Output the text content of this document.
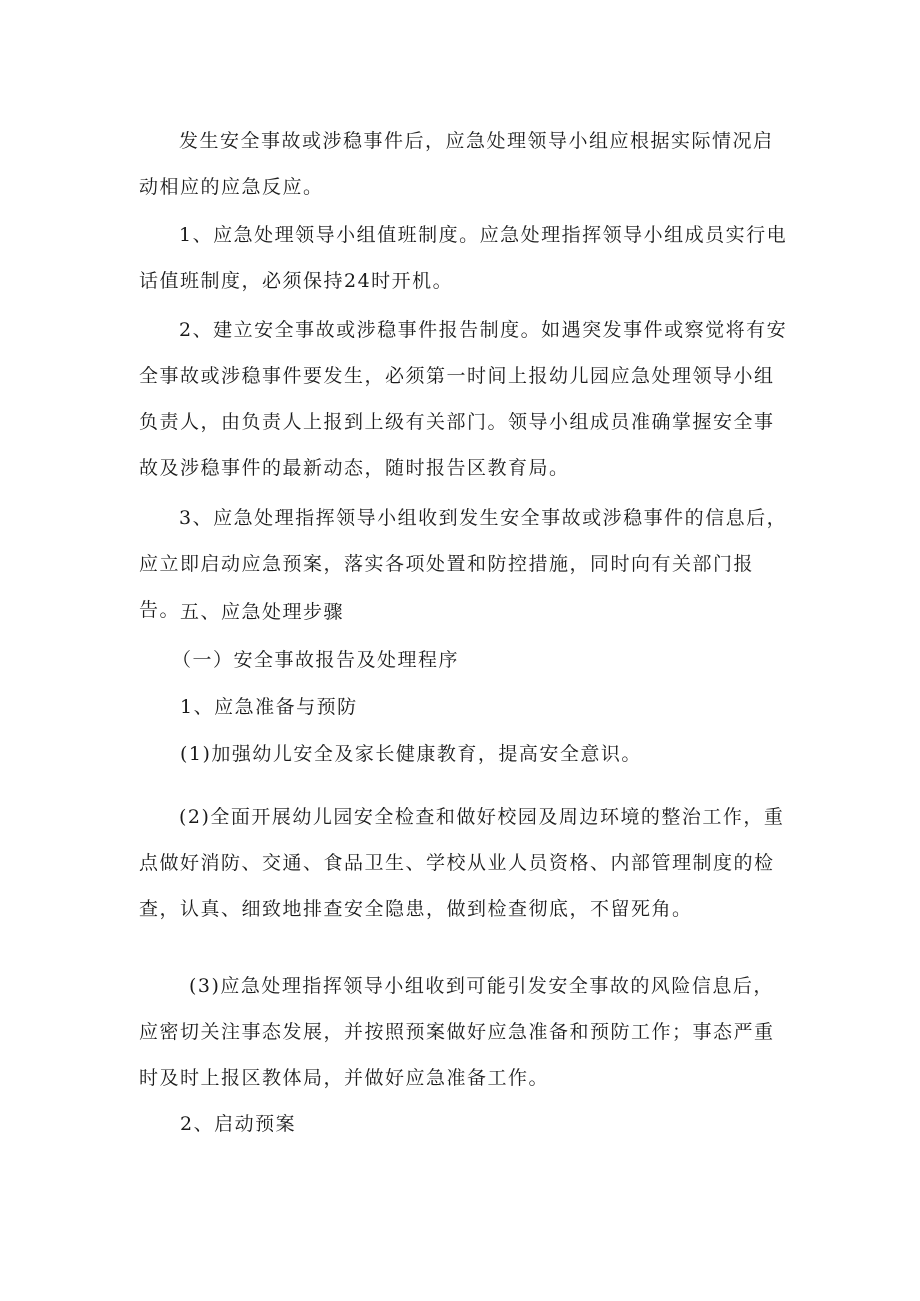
发生安全事故或涉稳事件后，应急处理领导小组应根据实际情况启动相应的应急反应。

1、应急处理领导小组值班制度。应急处理指挥领导小组成员实行电话值班制度，必须保持24时开机。

2、建立安全事故或涉稳事件报告制度。如遇突发事件或察觉将有安全事故或涉稳事件要发生，必须第一时间上报幼儿园应急处理领导小组负责人，由负责人上报到上级有关部门。领导小组成员准确掌握安全事故及涉稳事件的最新动态，随时报告区教育局。

3、应急处理指挥领导小组收到发生安全事故或涉稳事件的信息后，应立即启动应急预案，落实各项处置和防控措施，同时向有关部门报告。 五、应急处理步骤

（一）安全事故报告及处理程序

1、应急准备与预防

(1)加强幼儿安全及家长健康教育，提高安全意识。

(2)全面开展幼儿园安全检查和做好校园及周边环境的整治工作，重点做好消防、交通、食品卫生、学校从业人员资格、内部管理制度的检查，认真、细致地排查安全隐患，做到检查彻底，不留死角。

(3)应急处理指挥领导小组收到可能引发安全事故的风险信息后，应密切关注事态发展，并按照预案做好应急准备和预防工作；事态严重时及时上报区教体局，并做好应急准备工作。

2、启动预案
